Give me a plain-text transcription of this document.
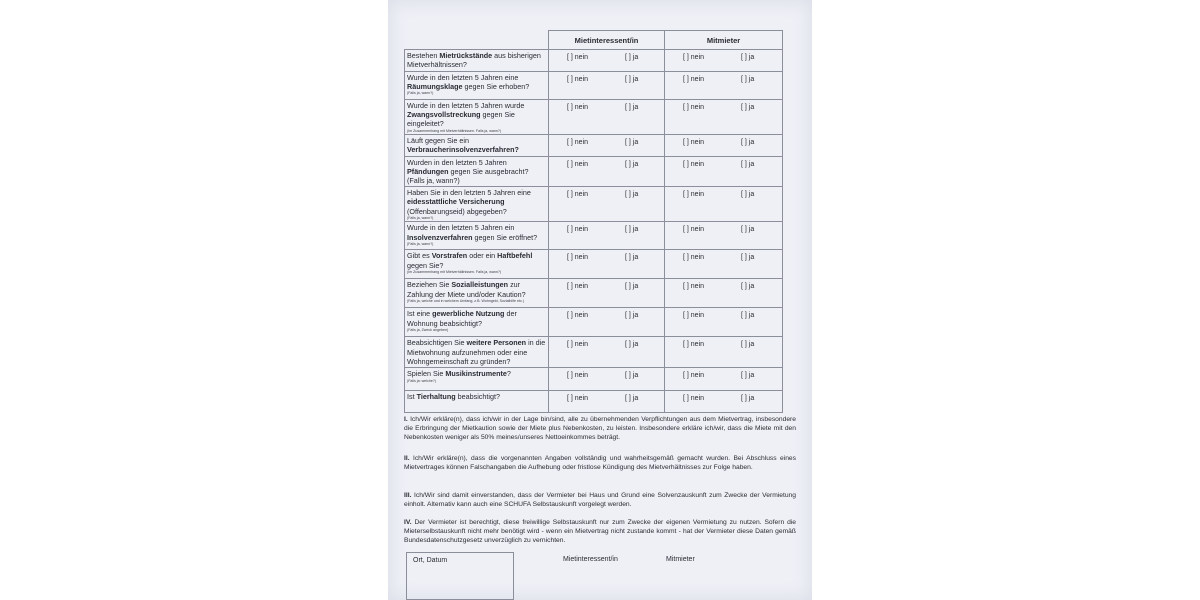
	Mietinteressent/in	Mitmieter
Bestehen Mietrückstände aus bisherigen Mietverhältnissen?	[ ] nein [ ] ja	[ ] nein [ ] ja

Wurde in den letzten 5 Jahren eine Räumungsklage gegen Sie erhoben?
(Falls ja, wann?)	[ ] nein [ ] ja	[ ] nein [ ] ja

Wurde in den letzten 5 Jahren wurde Zwangsvollstreckung gegen Sie eingeleitet?
(Im Zusammenhang mit Mietverhältnissen. Falls ja, wann?)	[ ] nein [ ] ja	[ ] nein [ ] ja

Läuft gegen Sie ein Verbraucherinsolvenzverfahren?	[ ] nein [ ] ja	[ ] nein [ ] ja

Wurden in den letzten 5 Jahren Pfändungen gegen Sie ausgebracht? (Falls ja, wann?)	[ ] nein [ ] ja	[ ] nein [ ] ja

Haben Sie in den letzten 5 Jahren eine eidesstattliche Versicherung (Offenbarungseid) abgegeben?
(Falls ja, wann?)	[ ] nein [ ] ja	[ ] nein [ ] ja

Wurde in den letzten 5 Jahren ein Insolvenzverfahren gegen Sie eröffnet?
(Falls ja, wann?)	[ ] nein [ ] ja	[ ] nein [ ] ja

Gibt es Vorstrafen oder ein Haftbefehl gegen Sie?
(Im Zusammenhang mit Mietverhältnissen. Falls ja, wann?)	[ ] nein [ ] ja	[ ] nein [ ] ja

Beziehen Sie Sozialleistungen zur Zahlung der Miete und/oder Kaution?
(Falls ja, welche und in welchem Umfang, z.B. Wohngeld, Sozialhilfe etc.)	[ ] nein [ ] ja	[ ] nein [ ] ja

Ist eine gewerbliche Nutzung der Wohnung beabsichtigt?
(Falls ja, Zweck angeben)	[ ] nein [ ] ja	[ ] nein [ ] ja

Beabsichtigen Sie weitere Personen in die Mietwohnung aufzunehmen oder eine Wohngemeinschaft zu gründen?	[ ] nein [ ] ja	[ ] nein [ ] ja

Spielen Sie Musikinstrumente?
(Falls ja: welche?)	[ ] nein [ ] ja	[ ] nein [ ] ja

Ist Tierhaltung beabsichtigt?	[ ] nein [ ] ja	[ ] nein [ ] ja
I. Ich/Wir erkläre(n), dass ich/wir in der Lage bin/sind, alle zu übernehmenden Verpflichtungen aus dem Mietvertrag, insbesondere die Erbringung der Mietkaution sowie der Miete plus Nebenkosten, zu leisten. Insbesondere erkläre ich/wir, dass die Miete mit den Nebenkosten weniger als 50% meines/unseres Nettoeinkommes beträgt.
II. Ich/Wir erkläre(n), dass die vorgenannten Angaben vollständig und wahrheitsgemäß gemacht wurden. Bei Abschluss eines Mietvertrages können Falschangaben die Aufhebung oder fristlose Kündigung des Mietverhältnisses zur Folge haben.
III. Ich/Wir sind damit einverstanden, dass der Vermieter bei Haus und Grund eine Solvenzauskunft zum Zwecke der Vermietung einholt. Alternativ kann auch eine SCHUFA Selbstauskunft vorgelegt werden.
IV. Der Vermieter ist berechtigt, diese freiwillige Selbstauskunft nur zum Zwecke der eigenen Vermietung zu nutzen. Sofern die Mieterselbstauskunft nicht mehr benötigt wird - wenn ein Mietvertrag nicht zustande kommt - hat der Vermieter diese Daten gemäß Bundesdatenschutzgesetz unverzüglich zu vernichten.
Ort, Datum	Mietinteressent/in	Mitmieter
